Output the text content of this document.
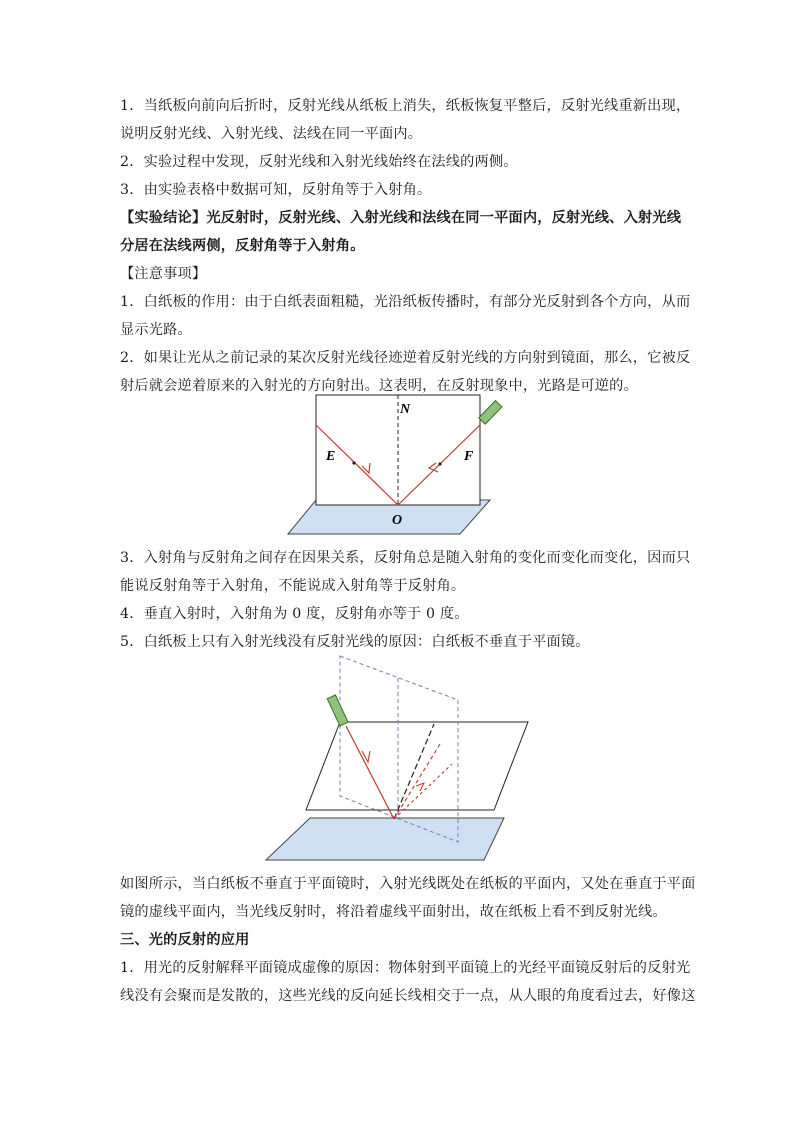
1．当纸板向前向后折时，反射光线从纸板上消失，纸板恢复平整后，反射光线重新出现，
说明反射光线、入射光线、法线在同一平面内。

2．实验过程中发现，反射光线和入射光线始终在法线的两侧。

3．由实验表格中数据可知，反射角等于入射角。

【实验结论】光反射时，反射光线、入射光线和法线在同一平面内，反射光线、入射光线
分居在法线两侧，反射角等于入射角。

【注意事项】

1．白纸板的作用：由于白纸表面粗糙，光沿纸板传播时，有部分光反射到各个方向，从而
显示光路。

2．如果让光从之前记录的某次反射光线径迹逆着反射光线的方向射到镜面，那么，它被反
射后就会逆着原来的入射光的方向射出。这表明，在反射现象中，光路是可逆的。

N
E	F
O

3．入射角与反射角之间存在因果关系，反射角总是随入射角的变化而变化而变化，因而只
能说反射角等于入射角，不能说成入射角等于反射角。

4．垂直入射时，入射角为 0 度，反射角亦等于 0 度。

5．白纸板上只有入射光线没有反射光线的原因：白纸板不垂直于平面镜。

如图所示，当白纸板不垂直于平面镜时，入射光线既处在纸板的平面内，又处在垂直于平面
镜的虚线平面内，当光线反射时，将沿着虚线平面射出，故在纸板上看不到反射光线。

三、光的反射的应用

1．用光的反射解释平面镜成虚像的原因：物体射到平面镜上的光经平面镜反射后的反射光
线没有会聚而是发散的，这些光线的反向延长线相交于一点，从人眼的角度看过去，好像这
